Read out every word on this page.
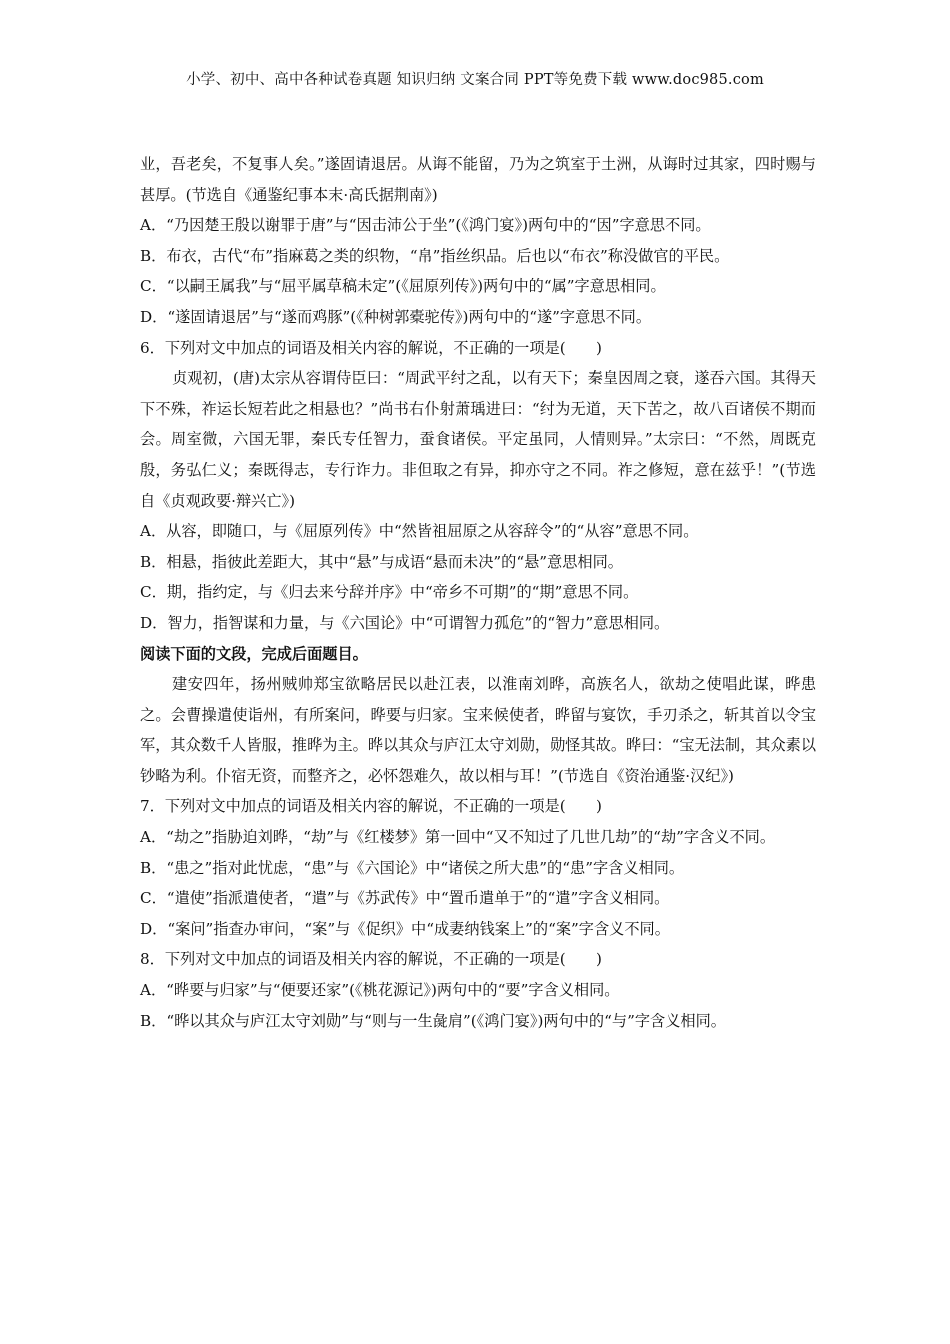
小学、初中、高中各种试卷真题 知识归纳 文案合同 PPT等免费下载 www.doc985.com

业，吾老矣，不复事人矣。”遂固请退居。从诲不能留，乃为之筑室于土洲，从诲时过其家，四时赐与甚厚。(节选自《通鉴纪事本末·高氏据荆南》)

A．“乃因楚王殷以谢罪于唐”与“因击沛公于坐”(《鸿门宴》)两句中的“因”字意思不同。

B．布衣，古代“布”指麻葛之类的织物，“帛”指丝织品。后也以“布衣”称没做官的平民。

C．“以嗣王属我”与“屈平属草稿未定”(《屈原列传》)两句中的“属”字意思相同。

D．“遂固请退居”与“遂而鸡豚”(《种树郭橐驼传》)两句中的“遂”字意思不同。

6．下列对文中加点的词语及相关内容的解说，不正确的一项是(　　)

贞观初，(唐)太宗从容谓侍臣曰：“周武平纣之乱，以有天下；秦皇因周之衰，遂吞六国。其得天下不殊，祚运长短若此之相悬也？”尚书右仆射萧瑀进曰：“纣为无道，天下苦之，故八百诸侯不期而会。周室微，六国无罪，秦氏专任智力，蚕食诸侯。平定虽同，人情则异。”太宗曰：“不然，周既克殷，务弘仁义；秦既得志，专行诈力。非但取之有异，抑亦守之不同。祚之修短，意在兹乎！”(节选自《贞观政要·辩兴亡》)

A．从容，即随口，与《屈原列传》中“然皆祖屈原之从容辞令”的“从容”意思不同。

B．相悬，指彼此差距大，其中“悬”与成语“悬而未决”的“悬”意思相同。

C．期，指约定，与《归去来兮辞并序》中“帝乡不可期”的“期”意思不同。

D．智力，指智谋和力量，与《六国论》中“可谓智力孤危”的“智力”意思相同。

阅读下面的文段，完成后面题目。

建安四年，扬州贼帅郑宝欲略居民以赴江表，以淮南刘晔，高族名人，欲劫之使唱此谋，晔患之。会曹操遣使诣州，有所案问，晔要与归家。宝来候使者，晔留与宴饮，手刃杀之，斩其首以令宝军，其众数千人皆服，推晔为主。晔以其众与庐江太守刘勋，勋怪其故。晔曰：“宝无法制，其众素以钞略为利。仆宿无资，而整齐之，必怀怨难久，故以相与耳！”(节选自《资治通鉴·汉纪》)

7．下列对文中加点的词语及相关内容的解说，不正确的一项是(　　)

A．“劫之”指胁迫刘晔，“劫”与《红楼梦》第一回中“又不知过了几世几劫”的“劫”字含义不同。

B．“患之”指对此忧虑，“患”与《六国论》中“诸侯之所大患”的“患”字含义相同。

C．“遣使”指派遣使者，“遣”与《苏武传》中“置币遣单于”的“遣”字含义相同。

D．“案问”指查办审问，“案”与《促织》中“成妻纳钱案上”的“案”字含义不同。

8．下列对文中加点的词语及相关内容的解说，不正确的一项是(　　)

A．“晔要与归家”与“便要还家”(《桃花源记》)两句中的“要”字含义相同。

B．“晔以其众与庐江太守刘勋”与“则与一生彘肩”(《鸿门宴》)两句中的“与”字含义相同。
